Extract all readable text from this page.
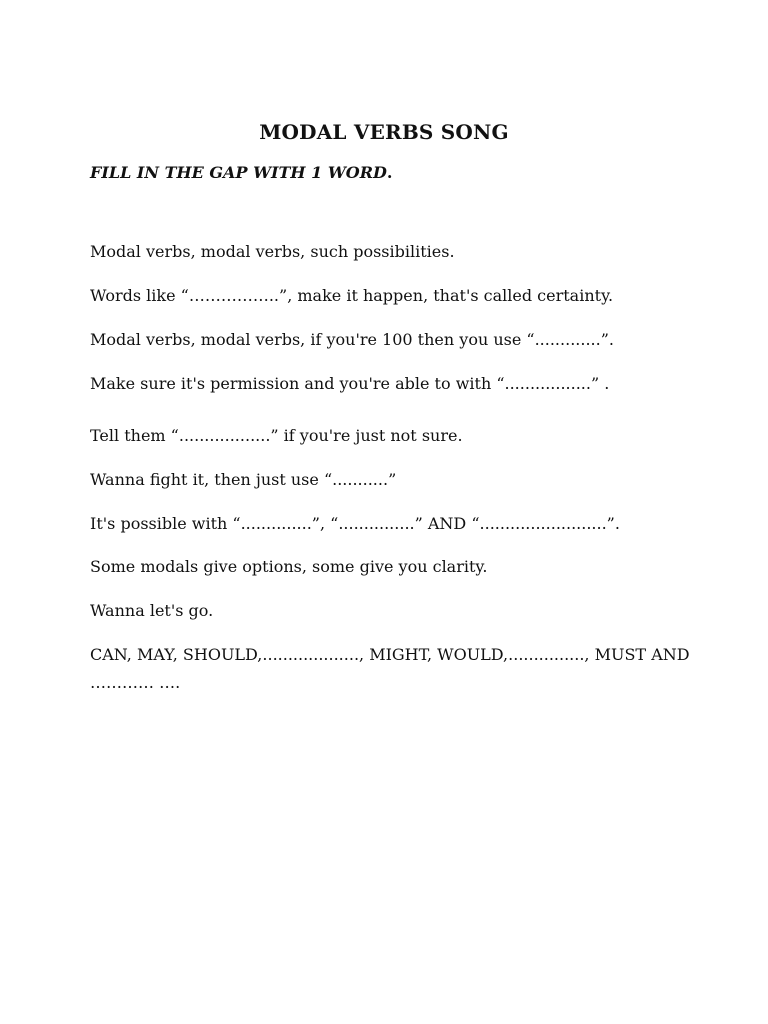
MODAL VERBS SONG
FILL IN THE GAP WITH 1 WORD.
Modal verbs, modal verbs, such possibilities.
Words like “……………..”, make it happen, that's called certainty.
Modal verbs, modal verbs, if you're 100 then you use “.............”.
Make sure it's permission and you're able to with “.................” .
Tell them “..................” if you're just not sure.
Wanna fight it, then just use “...........”
It's possible with “..............”, “...............” AND “.........................”.
Some modals give options, some give you clarity.
Wanna let's go.
CAN, MAY, SHOULD,..................., MIGHT, WOULD,..............., MUST AND ………… ….
